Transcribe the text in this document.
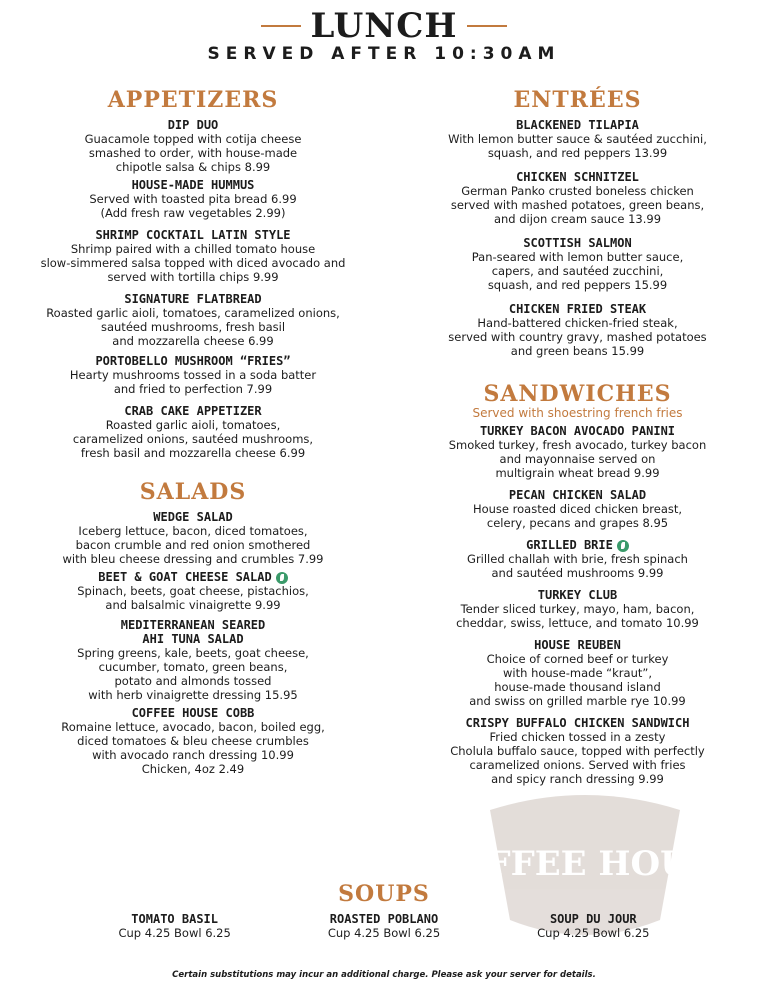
LUNCH
SERVED AFTER 10:30AM
APPETIZERS
DIP DUO
Guacamole topped with cotija cheese
smashed to order, with house-made
chipotle salsa & chips 8.99
HOUSE-MADE HUMMUS
Served with toasted pita bread 6.99
(Add fresh raw vegetables 2.99)
SHRIMP COCKTAIL LATIN STYLE
Shrimp paired with a chilled tomato house
slow-simmered salsa topped with diced avocado and
served with tortilla chips 9.99
SIGNATURE FLATBREAD
Roasted garlic aioli, tomatoes, caramelized onions,
sautéed mushrooms, fresh basil
and mozzarella cheese 6.99
PORTOBELLO MUSHROOM “FRIES”
Hearty mushrooms tossed in a soda batter
and fried to perfection 7.99
CRAB CAKE APPETIZER
Roasted garlic aioli, tomatoes,
caramelized onions, sautéed mushrooms,
fresh basil and mozzarella cheese 6.99
SALADS
WEDGE SALAD
Iceberg lettuce, bacon, diced tomatoes,
bacon crumble and red onion smothered
with bleu cheese dressing and crumbles 7.99
BEET & GOAT CHEESE SALAD
Spinach, beets, goat cheese, pistachios,
and balsalmic vinaigrette 9.99
MEDITERRANEAN SEARED
AHI TUNA SALAD
Spring greens, kale, beets, goat cheese,
cucumber, tomato, green beans,
potato and almonds tossed
with herb vinaigrette dressing 15.95
COFFEE HOUSE COBB
Romaine lettuce, avocado, bacon, boiled egg,
diced tomatoes & bleu cheese crumbles
with avocado ranch dressing 10.99
Chicken, 4oz 2.49
ENTRÉES
BLACKENED TILAPIA
With lemon butter sauce & sautéed zucchini,
squash, and red peppers 13.99
CHICKEN SCHNITZEL
German Panko crusted boneless chicken
served with mashed potatoes, green beans,
and dijon cream sauce 13.99
SCOTTISH SALMON
Pan-seared with lemon butter sauce,
capers, and sautéed zucchini,
squash, and red peppers 15.99
CHICKEN FRIED STEAK
Hand-battered chicken-fried steak,
served with country gravy, mashed potatoes
and green beans 15.99
SANDWICHES
Served with shoestring french fries
TURKEY BACON AVOCADO PANINI
Smoked turkey, fresh avocado, turkey bacon
and mayonnaise served on
multigrain wheat bread 9.99
PECAN CHICKEN SALAD
House roasted diced chicken breast,
celery, pecans and grapes 8.95
GRILLED BRIE
Grilled challah with brie, fresh spinach
and sautéed mushrooms 9.99
TURKEY CLUB
Tender sliced turkey, mayo, ham, bacon,
cheddar, swiss, lettuce, and tomato 10.99
HOUSE REUBEN
Choice of corned beef or turkey
with house-made “kraut”,
house-made thousand island
and swiss on grilled marble rye 10.99
CRISPY BUFFALO CHICKEN SANDWICH
Fried chicken tossed in a zesty
Cholula buffalo sauce, topped with perfectly
caramelized onions. Served with fries
and spicy ranch dressing 9.99
COFFEE HOUSE
SOUPS
TOMATO BASIL
Cup 4.25 Bowl 6.25
ROASTED POBLANO
Cup 4.25 Bowl 6.25
SOUP DU JOUR
Cup 4.25 Bowl 6.25
Certain substitutions may incur an additional charge. Please ask your server for details.
